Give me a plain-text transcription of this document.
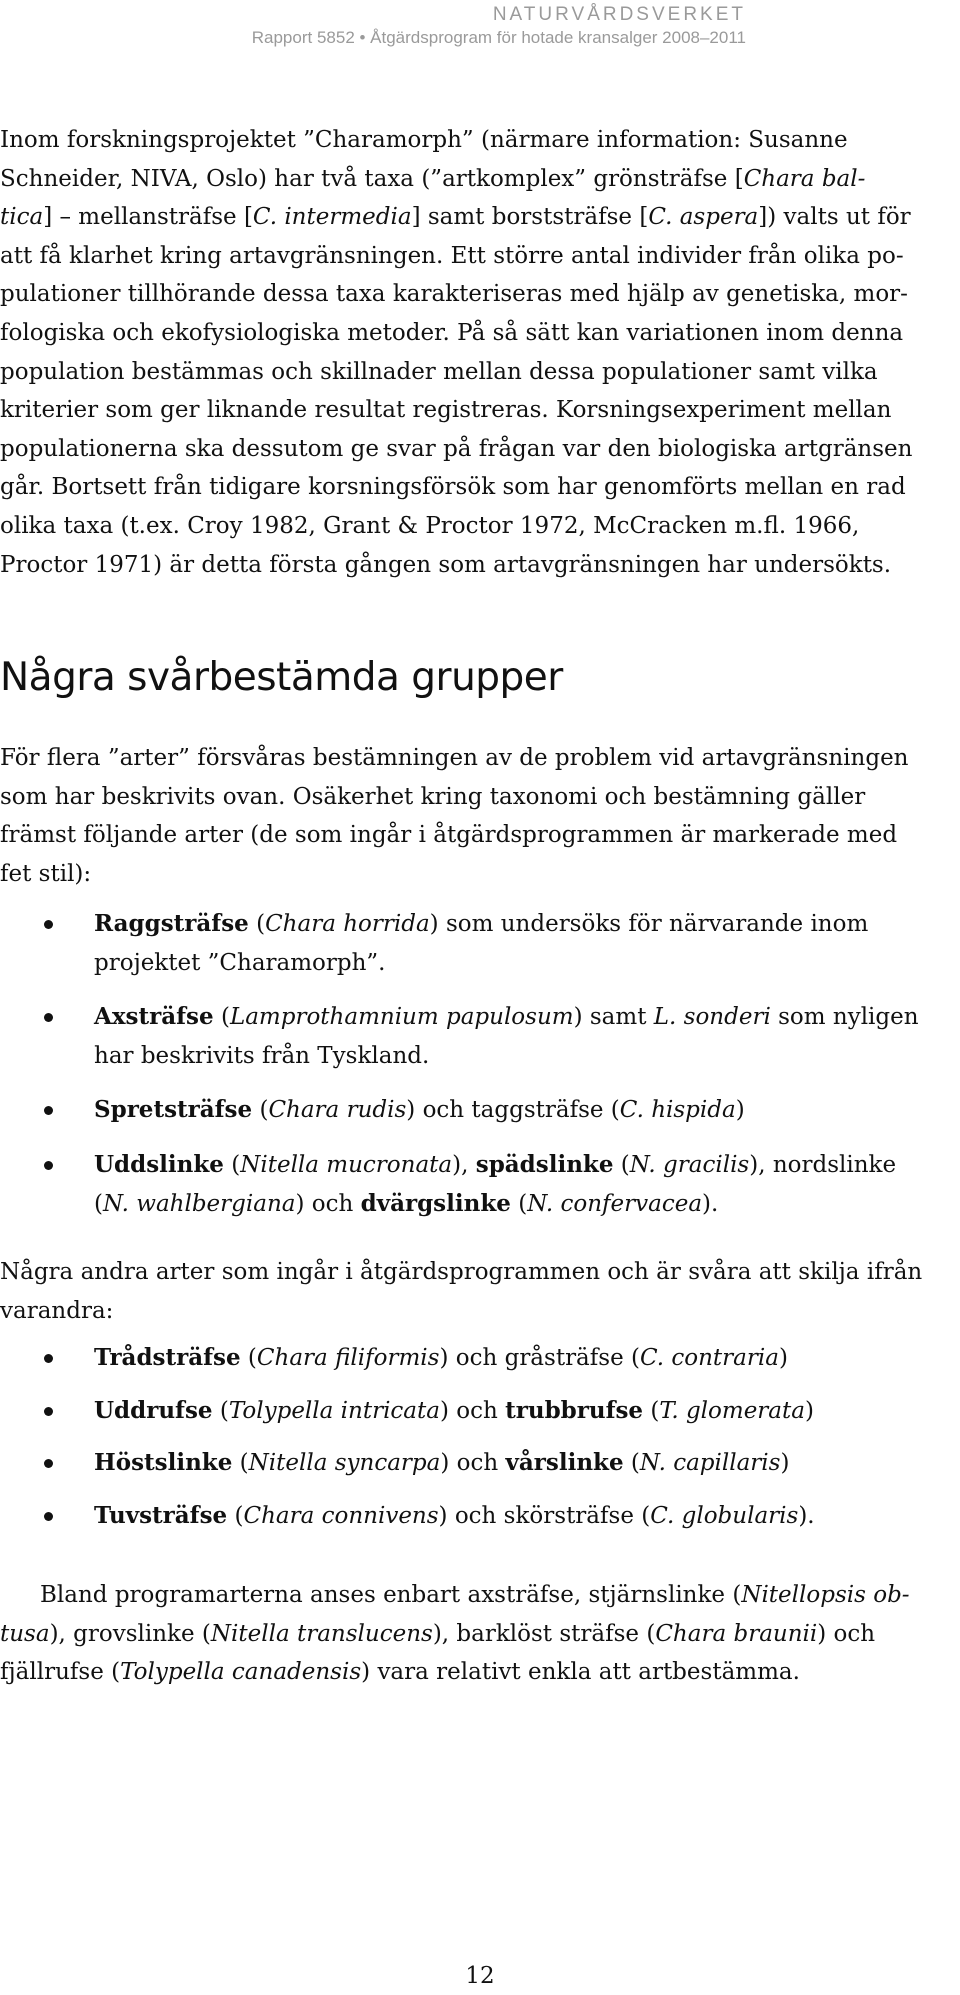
NATURVÅRDSVERKET
Rapport 5852 • Åtgärdsprogram för hotade kransalger 2008–2011

Inom forskningsprojektet ”Charamorph” (närmare information: Susanne
Schneider, NIVA, Oslo) har två taxa (”artkomplex” grönsträfse [Chara bal-
tica] – mellansträfse [C. intermedia] samt borststräfse [C. aspera]) valts ut för
att få klarhet kring artavgränsningen. Ett större antal individer från olika po-
pulationer tillhörande dessa taxa karakteriseras med hjälp av genetiska, mor-
fologiska och ekofysiologiska metoder. På så sätt kan variationen inom denna
population bestämmas och skillnader mellan dessa populationer samt vilka
kriterier som ger liknande resultat registreras. Korsningsexperiment mellan
populationerna ska dessutom ge svar på frågan var den biologiska artgränsen
går. Bortsett från tidigare korsningsförsök som har genomförts mellan en rad
olika taxa (t.ex. Croy 1982, Grant & Proctor 1972, McCracken m.fl. 1966,
Proctor 1971) är detta första gången som artavgränsningen har undersökts.

Några svårbestämda grupper

För flera ”arter” försvåras bestämningen av de problem vid artavgränsningen
som har beskrivits ovan. Osäkerhet kring taxonomi och bestämning gäller
främst följande arter (de som ingår i åtgärdsprogrammen är markerade med
fet stil):

Raggsträfse (Chara horrida) som undersöks för närvarande inom
projektet ”Charamorph”.
Axsträfse (Lamprothamnium papulosum) samt L. sonderi som nyligen
har beskrivits från Tyskland.
Spretsträfse (Chara rudis) och taggsträfse (C. hispida)
Uddslinke (Nitella mucronata), spädslinke (N. gracilis), nordslinke
(N. wahlbergiana) och dvärgslinke (N. confervacea).

Några andra arter som ingår i åtgärdsprogrammen och är svåra att skilja ifrån
varandra:

Trådsträfse (Chara filiformis) och gråsträfse (C. contraria)
Uddrufse (Tolypella intricata) och trubbrufse (T. glomerata)
Höstslinke (Nitella syncarpa) och vårslinke (N. capillaris)
Tuvsträfse (Chara connivens) och skörsträfse (C. globularis).

Bland programarterna anses enbart axsträfse, stjärnslinke (Nitellopsis ob-
tusa), grovslinke (Nitella translucens), barklöst sträfse (Chara braunii) och
fjällrufse (Tolypella canadensis) vara relativt enkla att artbestämma.

12
